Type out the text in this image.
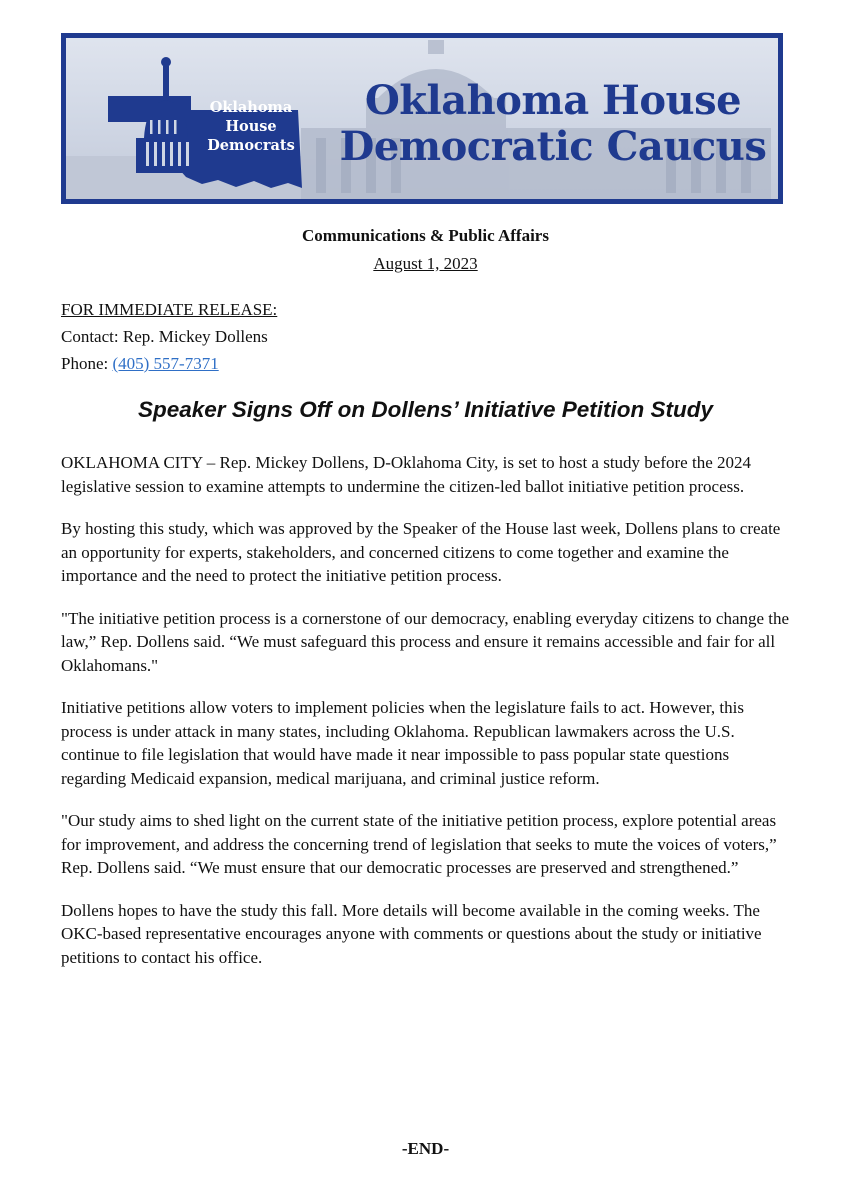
Oklahoma
House
Democrats
Oklahoma House
Democratic Caucus
Communications & Public Affairs
August 1, 2023
FOR IMMEDIATE RELEASE:
Contact: Rep. Mickey Dollens
Phone: (405) 557-7371
Speaker Signs Off on Dollens’ Initiative Petition Study

OKLAHOMA CITY – Rep. Mickey Dollens, D-Oklahoma City, is set to host a study before the 2024 legislative session to examine attempts to undermine the citizen-led ballot initiative petition process.

By hosting this study, which was approved by the Speaker of the House last week, Dollens plans to create an opportunity for experts, stakeholders, and concerned citizens to come together and examine the importance and the need to protect the initiative petition process.

"The initiative petition process is a cornerstone of our democracy, enabling everyday citizens to change the law,” Rep. Dollens said. “We must safeguard this process and ensure it remains accessible and fair for all Oklahomans."

Initiative petitions allow voters to implement policies when the legislature fails to act. However, this process is under attack in many states, including Oklahoma. Republican lawmakers across the U.S. continue to file legislation that would have made it near impossible to pass popular state questions regarding Medicaid expansion, medical marijuana, and criminal justice reform.

"Our study aims to shed light on the current state of the initiative petition process, explore potential areas for improvement, and address the concerning trend of legislation that seeks to mute the voices of voters,” Rep. Dollens said. “We must ensure that our democratic processes are preserved and strengthened.”

Dollens hopes to have the study this fall. More details will become available in the coming weeks. The OKC-based representative encourages anyone with comments or questions about the study or initiative petitions to contact his office.

-END-
